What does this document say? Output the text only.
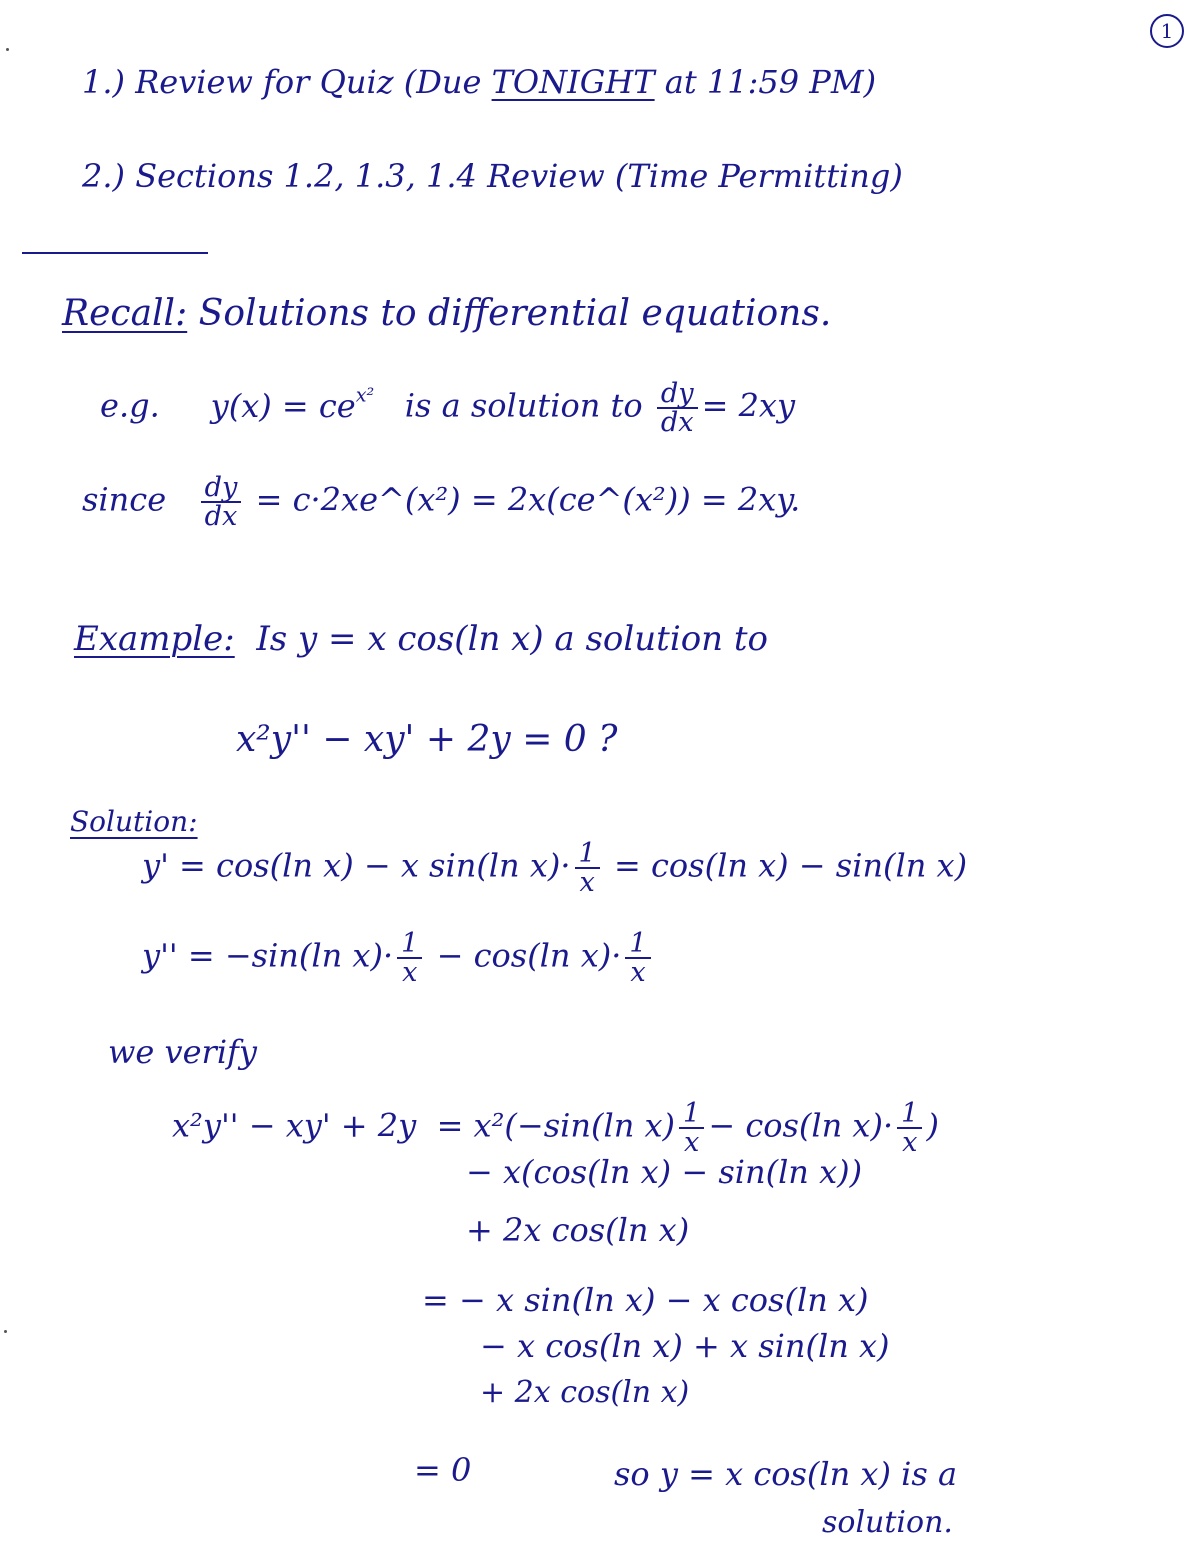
1
1.) Review for Quiz (Due TONIGHT at 11:59 PM)
2.) Sections 1.2, 1.3, 1.4 Review (Time Permitting)
Recall: Solutions to differential equations.
e.g. $y(x) = ce^{x^2}$ is a solution to $\frac{dy}{dx} = 2xy$
since $\frac{dy}{dx}$ = c·2xe^(x²) = 2x(ce^(x²)) = 2xy.
Example: Is y = x cos(ln x) a solution to
x²y'' − xy' + 2y = 0 ?
Solution:
y' = cos(ln x) − x sin(ln $x)\cdot \frac{1}{x} = \cos(\ln$ x) − sin(ln x)
y'' = −sin(ln $x)\cdot \frac{1}{x} - \cos(\ln$ $x)\cdot \frac{1}{x}$
we verify
x²y'' − xy' + 2y = x²(−sin(ln $x) \frac{1}{x} - \cos(\ln$ $x)\cdot \frac{1}{x}$ )
− x(cos(ln x) − sin(ln x))
+ 2x cos(ln x)
= − x sin(ln x) − x cos(ln x)
− x cos(ln x) + x sin(ln x)
+ 2x cos(ln x)
= 0	so y = x cos(ln x) is a
solution.
